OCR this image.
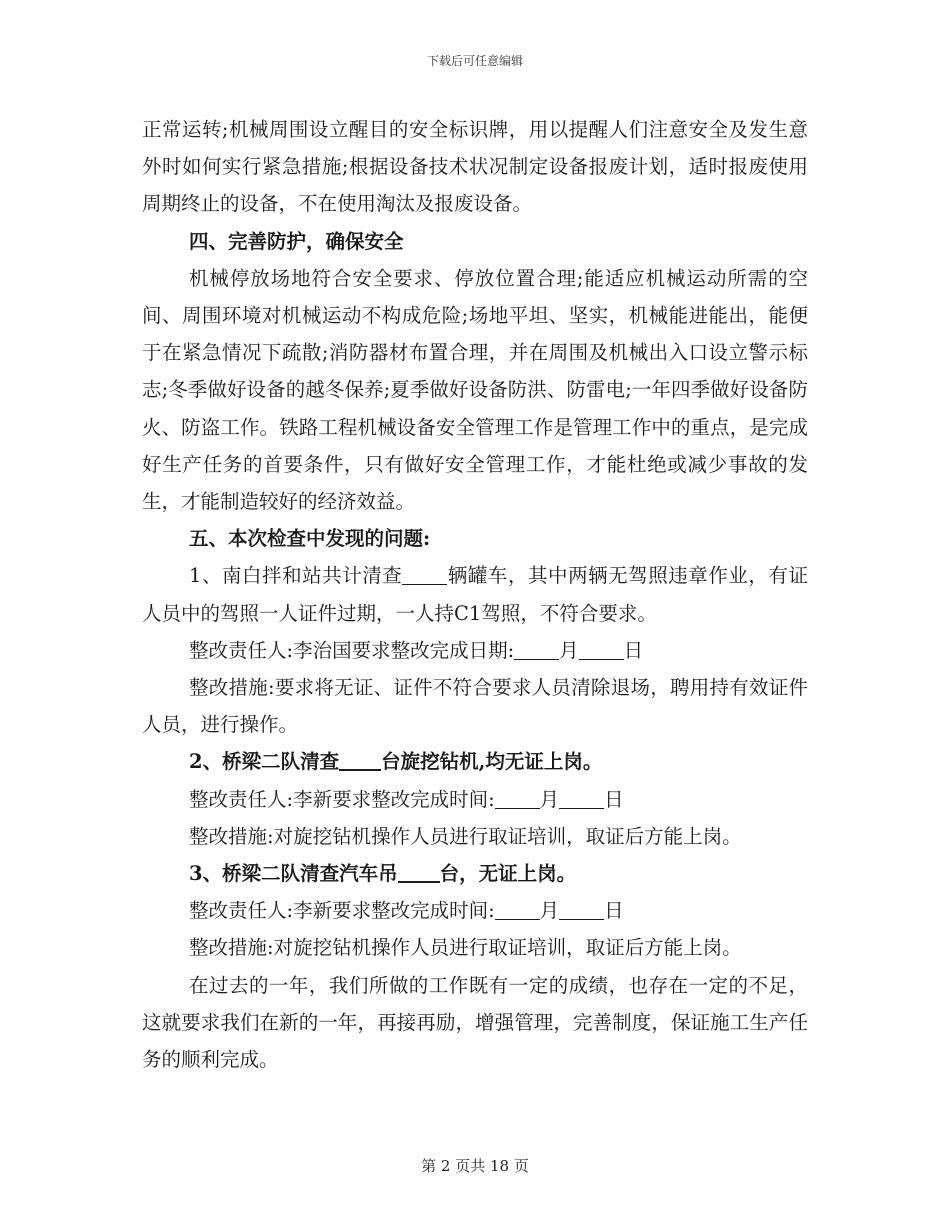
下载后可任意编辑

正常运转;机械周围设立醒目的安全标识牌，用以提醒人们注意安全及发生意外时如何实行紧急措施;根据设备技术状况制定设备报废计划，适时报废使用周期终止的设备，不在使用淘汰及报废设备。

四、完善防护，确保安全

机械停放场地符合安全要求、停放位置合理;能适应机械运动所需的空间、周围环境对机械运动不构成危险;场地平坦、坚实，机械能进能出，能便于在紧急情况下疏散;消防器材布置合理，并在周围及机械出入口设立警示标志;冬季做好设备的越冬保养;夏季做好设备防洪、防雷电;一年四季做好设备防火、防盗工作。铁路工程机械设备安全管理工作是管理工作中的重点，是完成好生产任务的首要条件，只有做好安全管理工作，才能杜绝或减少事故的发生，才能制造较好的经济效益。

五、本次检查中发现的问题:

1、南白拌和站共计清查 辆罐车，其中两辆无驾照违章作业，有证人员中的驾照一人证件过期，一人持C1驾照，不符合要求。

整改责任人:李治国要求整改完成日期: 月 日

整改措施:要求将无证、证件不符合要求人员清除退场，聘用持有效证件人员，进行操作。

2、桥梁二队清查 台旋挖钻机,均无证上岗。

整改责任人:李新要求整改完成时间: 月 日

整改措施:对旋挖钻机操作人员进行取证培训，取证后方能上岗。

3、桥梁二队清查汽车吊 台，无证上岗。

整改责任人:李新要求整改完成时间: 月 日

整改措施:对旋挖钻机操作人员进行取证培训，取证后方能上岗。

在过去的一年，我们所做的工作既有一定的成绩，也存在一定的不足，这就要求我们在新的一年，再接再励，增强管理，完善制度，保证施工生产任务的顺利完成。

第 2 页共 18 页
